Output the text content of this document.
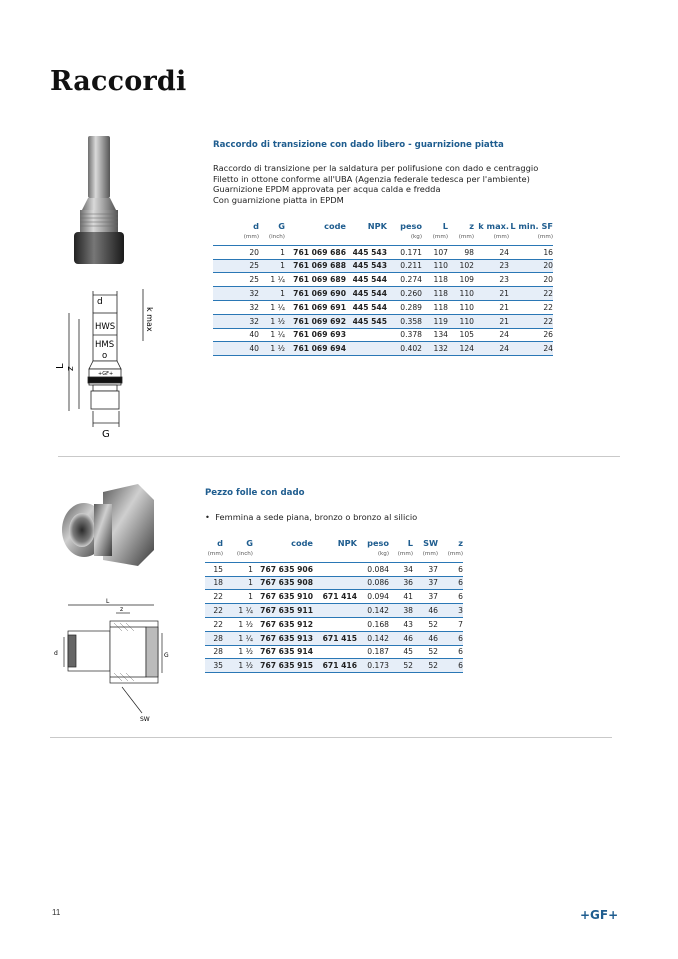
Raccordi
d
k max
HWS
HMS
o
+GF+
L z
G
Raccordo di transizione con dado libero - guarnizione piatta
Raccordo di transizione per la saldatura per polifusione con dado e centraggio
Filetto in ottone conforme all'UBA (Agenzia federale tedesca per l'ambiente)
Guarnizione EPDM approvata per acqua calda e fredda
Con guarnizione piatta in EPDM
d	G	code	NPK	peso	L	z	k max.	L min. SF
(mm)	(inch)			(kg)	(mm)	(mm)	(mm)	(mm)
20	1	761 069 686	445 543	0.171	107	98	24	16
25	1	761 069 688	445 543	0.211	110	102	23	20
25	1 ¼	761 069 689	445 544	0.274	118	109	23	20
32	1	761 069 690	445 544	0.260	118	110	21	22
32	1 ¼	761 069 691	445 544	0.289	118	110	21	22
32	1 ½	761 069 692	445 545	0.358	119	110	21	22
40	1 ¼	761 069 693		0.378	134	105	24	26
40	1 ½	761 069 694		0.402	132	124	24	24
L
z
d	G
SW
Pezzo folle con dado
• Femmina a sede piana, bronzo o bronzo al silicio
d	G	code	NPK	peso	L	SW	z
(mm)	(inch)			(kg)	(mm)	(mm)	(mm)
15	1	767 635 906		0.084	34	37	6
18	1	767 635 908		0.086	36	37	6
22	1	767 635 910	671 414	0.094	41	37	6
22	1 ¼	767 635 911		0.142	38	46	3
22	1 ½	767 635 912		0.168	43	52	7
28	1 ¼	767 635 913	671 415	0.142	46	46	6
28	1 ½	767 635 914		0.187	45	52	6
35	1 ½	767 635 915	671 416	0.173	52	52	6
11	+GF+
